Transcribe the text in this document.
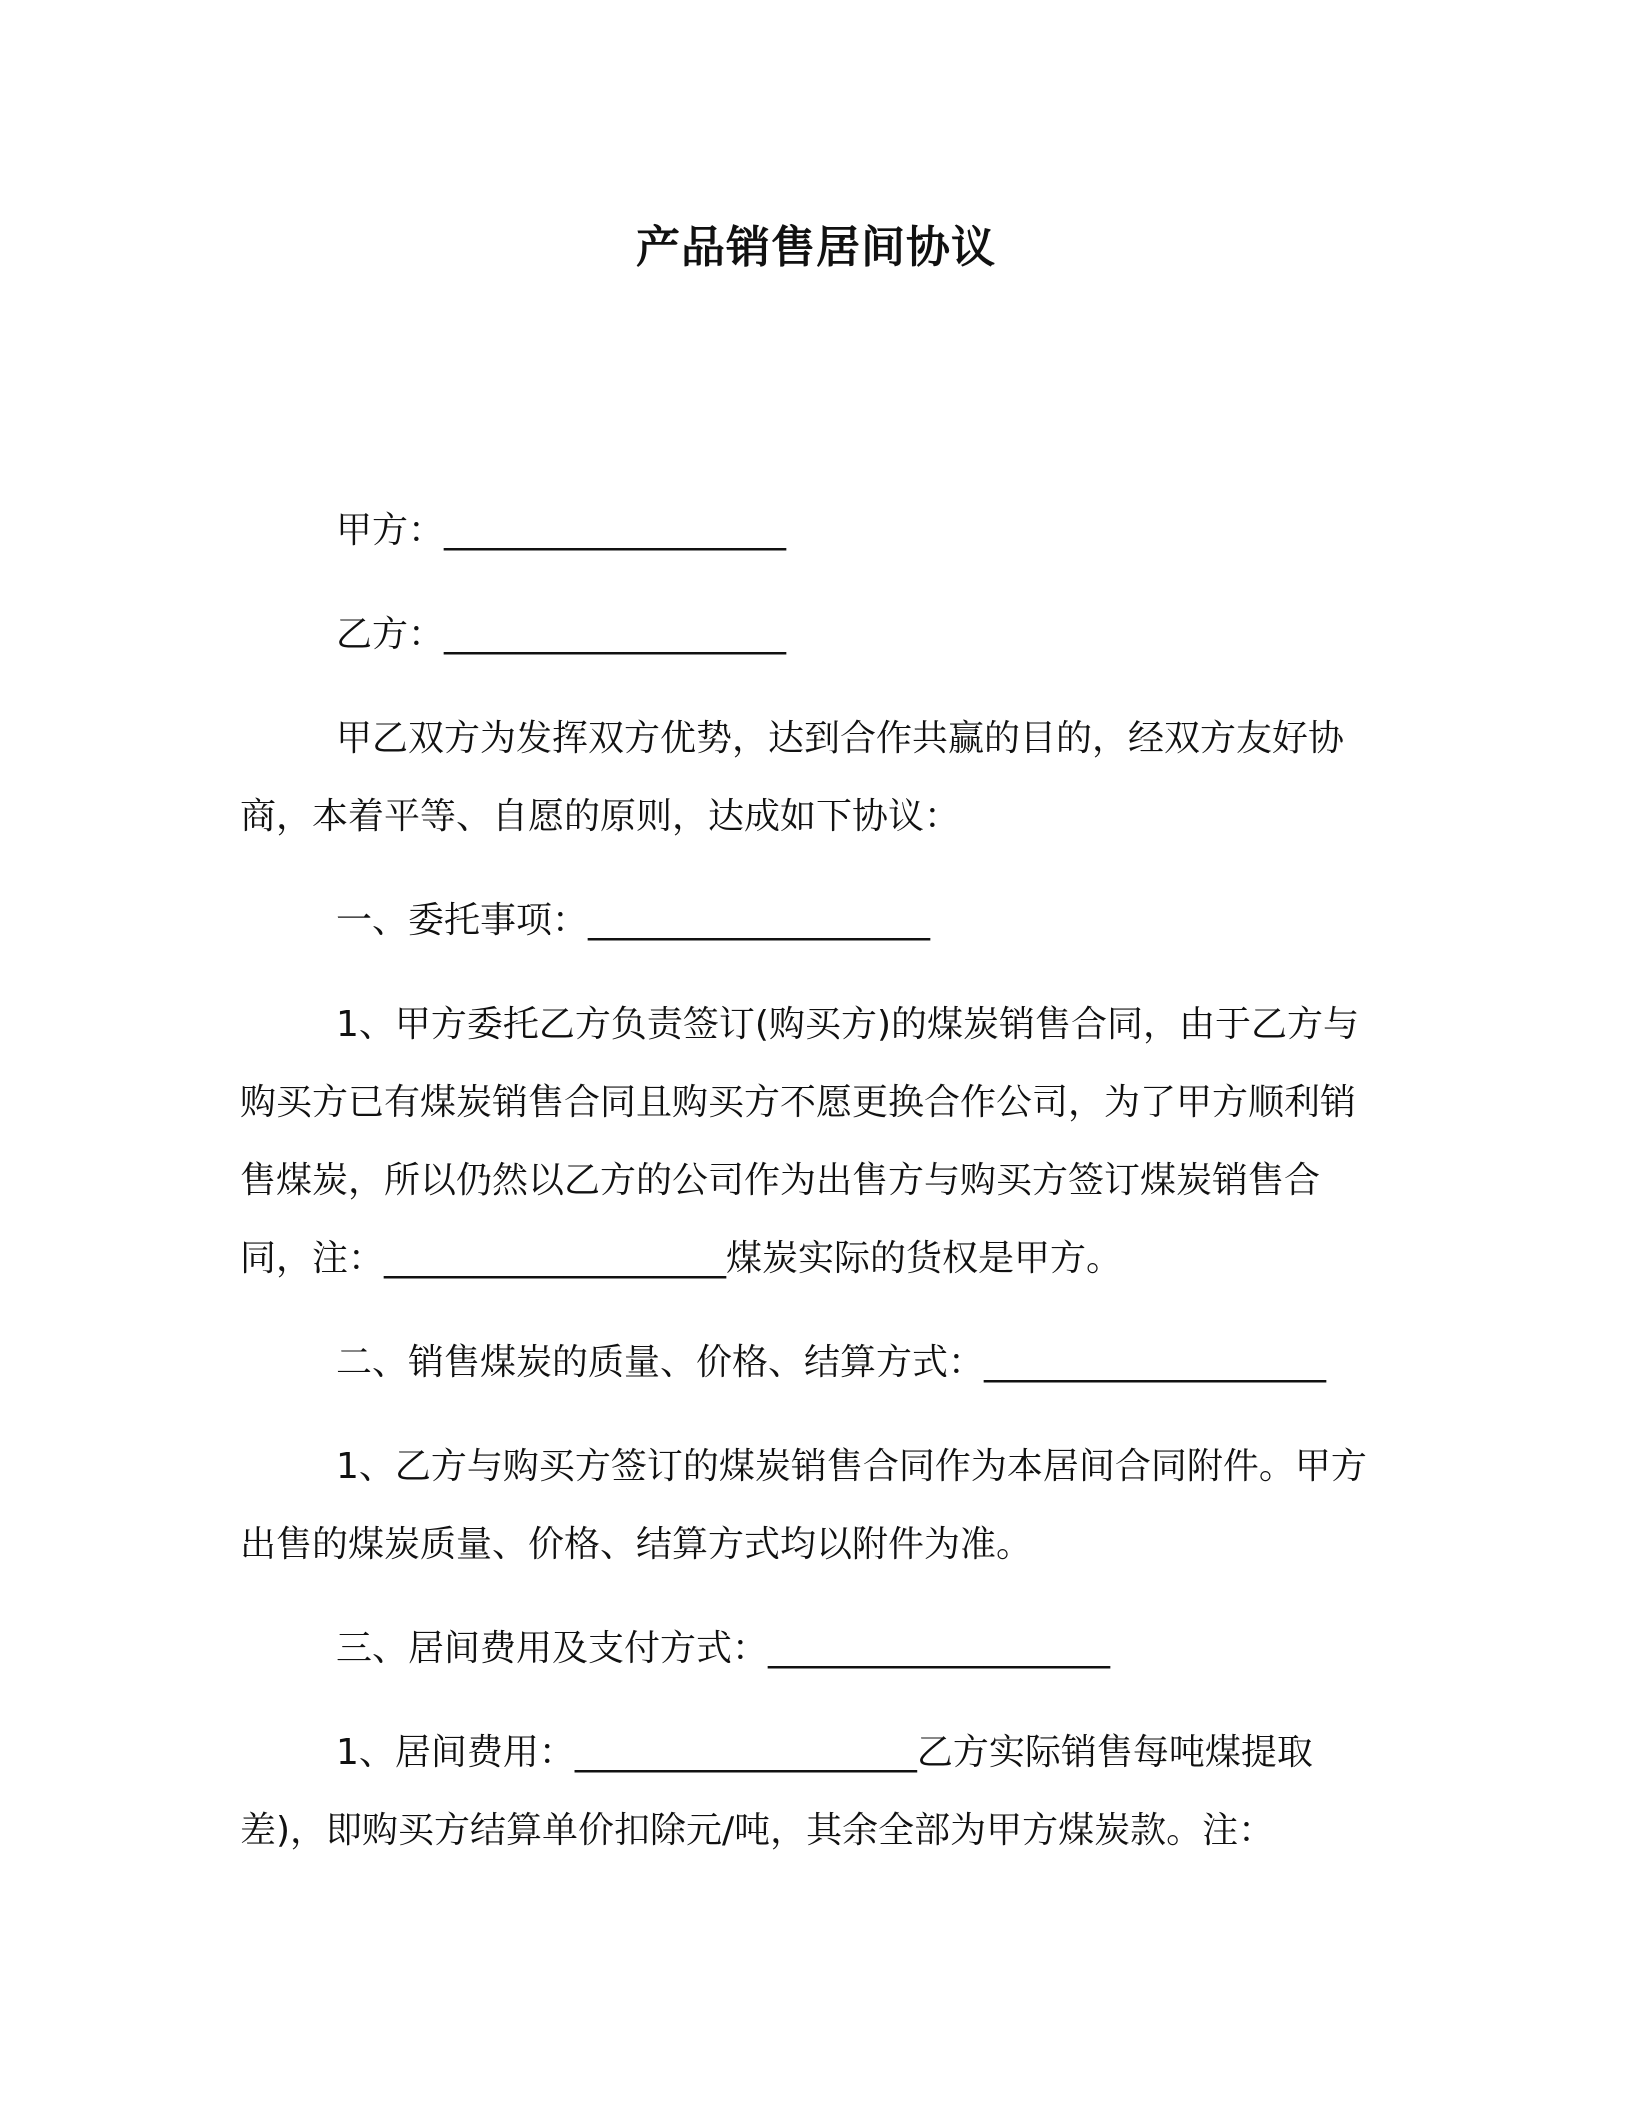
产品销售居间协议

甲方：___________________

乙方：___________________

甲乙双方为发挥双方优势，达到合作共赢的目的，经双方友好协商，本着平等、自愿的原则，达成如下协议：

一、委托事项：___________________

1、甲方委托乙方负责签订(购买方)的煤炭销售合同，由于乙方与购买方已有煤炭销售合同且购买方不愿更换合作公司，为了甲方顺利销售煤炭，所以仍然以乙方的公司作为出售方与购买方签订煤炭销售合同，注：___________________煤炭实际的货权是甲方。

二、销售煤炭的质量、价格、结算方式：___________________

1、乙方与购买方签订的煤炭销售合同作为本居间合同附件。甲方出售的煤炭质量、价格、结算方式均以附件为准。

三、居间费用及支付方式：___________________

1、居间费用：___________________乙方实际销售每吨煤提取差)，即购买方结算单价扣除元/吨，其余全部为甲方煤炭款。注：
